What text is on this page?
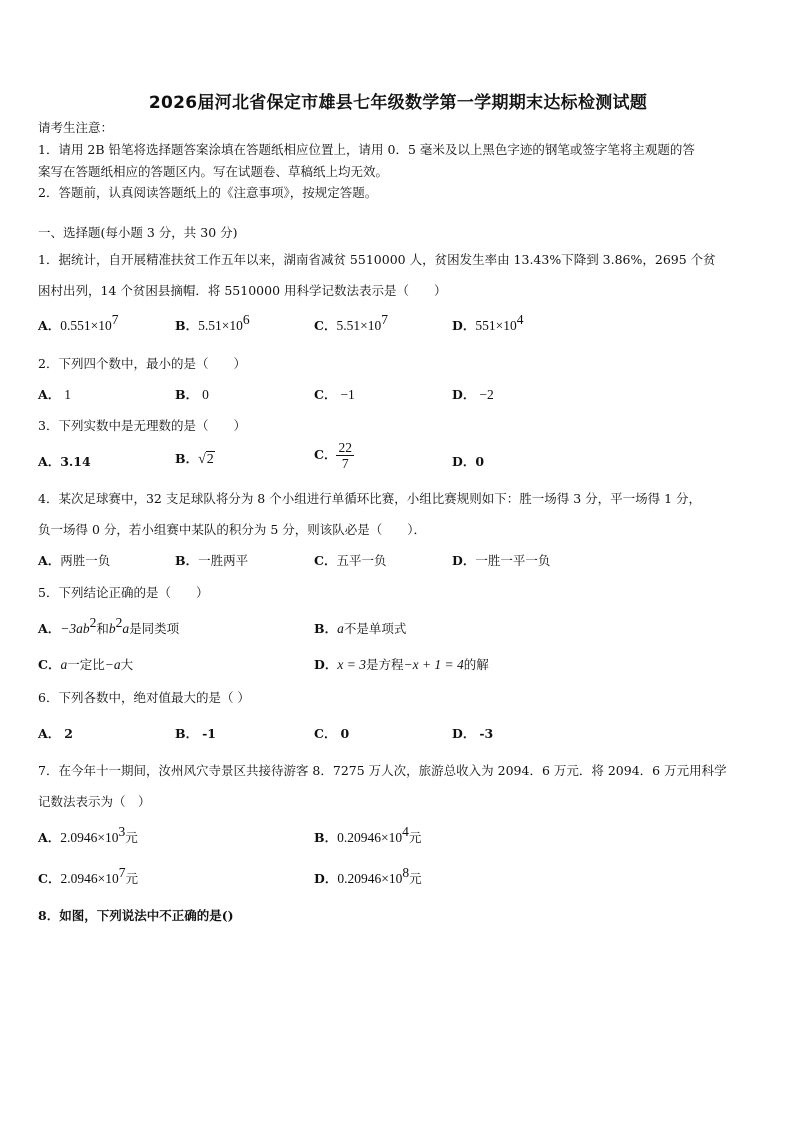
2026届河北省保定市雄县七年级数学第一学期期末达标检测试题
请考生注意：
1．请用 2B 铅笔将选择题答案涂填在答题纸相应位置上，请用 0．5 毫米及以上黑色字迹的钢笔或签字笔将主观题的答
案写在答题纸相应的答题区内。写在试题卷、草稿纸上均无效。
2．答题前，认真阅读答题纸上的《注意事项》，按规定答题。
一、选择题(每小题 3 分，共 30 分)
1．据统计，自开展精准扶贫工作五年以来，湖南省减贫 5510000 人，贫困发生率由 13.43%下降到 3.86%，2695 个贫
困村出列，14 个贫困县摘帽．将 5510000 用科学记数法表示是（　　）
A．$0.551\times 10^7$	B．$5.51\times 10^6$	C．$5.51\times 10^7$	D．$551\times 10^4$
2．下列四个数中，最小的是（　　）
A． 1	B． 0	C． −1	D． −2
3．下列实数中是无理数的是（　　）
A．3.14	B．√2	C． $\frac{22}{7}$	D．0
4．某次足球赛中，32 支足球队将分为 8 个小组进行单循环比赛，小组比赛规则如下：胜一场得 3 分，平一场得 1 分，
负一场得 0 分，若小组赛中某队的积分为 5 分，则该队必是（　　）．
A．两胜一负	B．一胜两平	C．五平一负	D．一胜一平一负
5．下列结论正确的是（　　）
A．$-3ab^2$和$b^2a$是同类项	B．a不是单项式
C．a一定比−a大	D．x = 3是方程−x + 1 = 4的解
6．下列各数中，绝对值最大的是（ ）
A． 2	B． -1	C． 0	D． -3
7．在今年十一期间，汝州风穴寺景区共接待游客 8．7275 万人次，旅游总收入为 2094．6 万元．将 2094．6 万元用科学
记数法表示为（　）
A．$2.0946\times 10^3$元	B．$0.20946\times 10^4$元
C．$2.0946\times 10^7$元	D．$0.20946\times 10^8$元
8．如图，下列说法中不正确的是()
